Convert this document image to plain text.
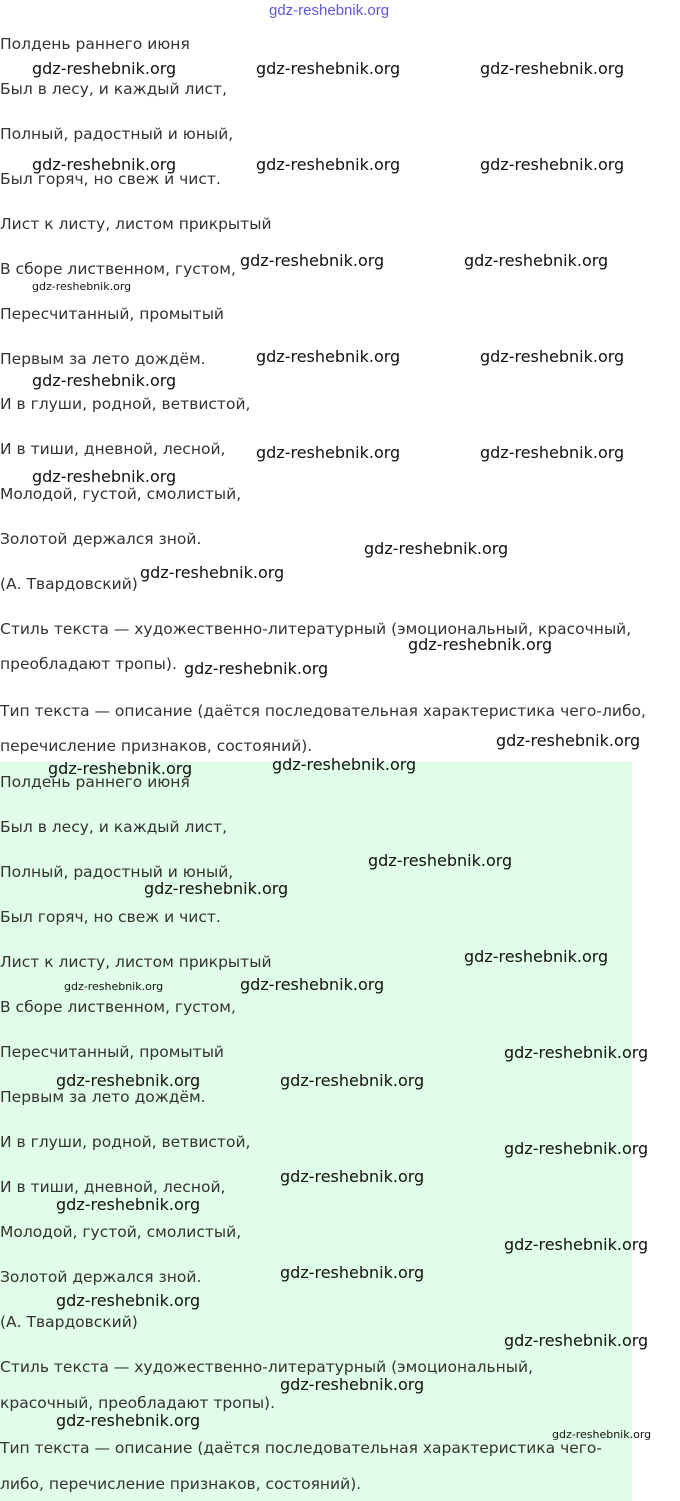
gdz-reshebnik.org
Полдень раннего июня
Был в лесу, и каждый лист,
Полный, радостный и юный,
Был горяч, но свеж и чист.
Лист к листу, листом прикрытый
В сборе лиственном, густом,
Пересчитанный, промытый
Первым за лето дождём.
И в глуши, родной, ветвистой,
И в тиши, дневной, лесной,
Молодой, густой, смолистый,
Золотой держался зной.
(А. Твардовский)
Стиль текста — художественно-литературный (эмоциональный, красочный,
преобладают тропы).
Тип текста — описание (даётся последовательная характеристика чего-либо,
перечисление признаков, состояний).
Полдень раннего июня
Был в лесу, и каждый лист,
Полный, радостный и юный,
Был горяч, но свеж и чист.
Лист к листу, листом прикрытый
В сборе лиственном, густом,
Пересчитанный, промытый
Первым за лето дождём.
И в глуши, родной, ветвистой,
И в тиши, дневной, лесной,
Молодой, густой, смолистый,
Золотой держался зной.
(А. Твардовский)
Стиль текста — художественно-литературный (эмоциональный,
красочный, преобладают тропы).
Тип текста — описание (даётся последовательная характеристика чего-
либо, перечисление признаков, состояний).
gdz-reshebnik.org	gdz-reshebnik.org	gdz-reshebnik.org
gdz-reshebnik.org	gdz-reshebnik.org	gdz-reshebnik.org
gdz-reshebnik.org	gdz-reshebnik.org
gdz-reshebnik.org
gdz-reshebnik.org	gdz-reshebnik.org
gdz-reshebnik.org
gdz-reshebnik.org	gdz-reshebnik.org
gdz-reshebnik.org
gdz-reshebnik.org
gdz-reshebnik.org
gdz-reshebnik.org
gdz-reshebnik.org
gdz-reshebnik.org
gdz-reshebnik.org	gdz-reshebnik.org
gdz-reshebnik.org
gdz-reshebnik.org
gdz-reshebnik.org
gdz-reshebnik.org
gdz-reshebnik.org
gdz-reshebnik.org
gdz-reshebnik.org	gdz-reshebnik.org
gdz-reshebnik.org
gdz-reshebnik.org
gdz-reshebnik.org
gdz-reshebnik.org
gdz-reshebnik.org
gdz-reshebnik.org
gdz-reshebnik.org
gdz-reshebnik.org
gdz-reshebnik.org
gdz-reshebnik.org
